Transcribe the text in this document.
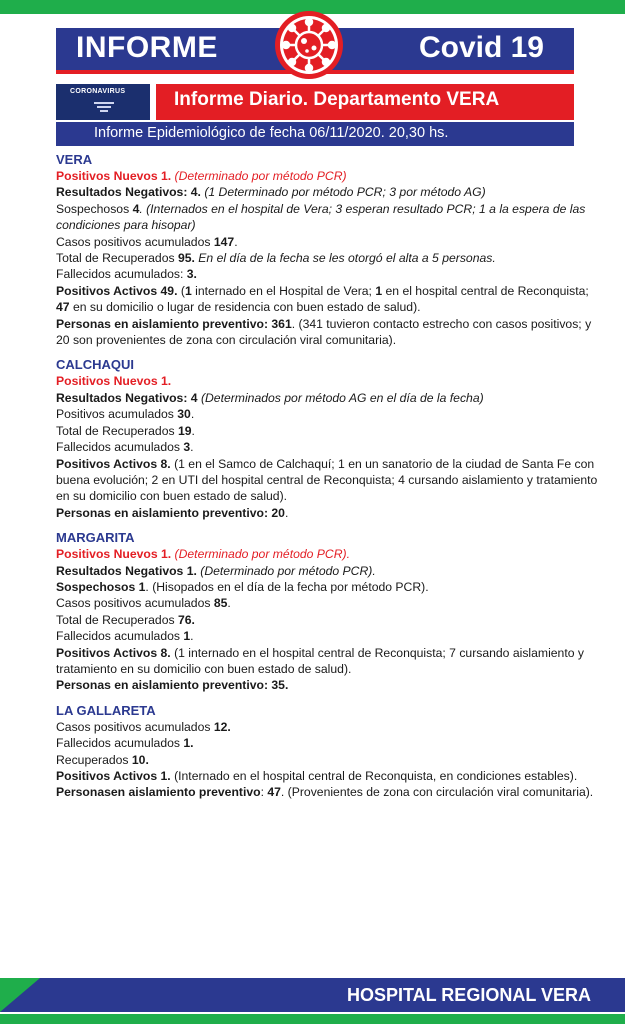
INFORME	Covid 19
CORONAVIRUS	Informe Diario. Departamento VERA
Informe Epidemiológico de fecha 06/11/2020. 20,30 hs.
VERA

Positivos Nuevos 1. (Determinado por método PCR)

Resultados Negativos: 4. (1 Determinado por método PCR; 3 por método AG)

Sospechosos 4. (Internados en el hospital de Vera; 3 esperan resultado PCR; 1 a la espera de las condiciones para hisopar)

Casos positivos acumulados 147.

Total de Recuperados 95. En el día de la fecha se les otorgó el alta a 5 personas.

Fallecidos acumulados: 3.

Positivos Activos 49. (1 internado en el Hospital de Vera; 1 en el hospital central de Reconquista; 47 en su domicilio o lugar de residencia con buen estado de salud).

Personas en aislamiento preventivo: 361. (341 tuvieron contacto estrecho con casos positivos; y 20 son provenientes de zona con circulación viral comunitaria).

CALCHAQUI

Positivos Nuevos 1.

Resultados Negativos: 4 (Determinados por método AG en el día de la fecha)

Positivos acumulados 30.

Total de Recuperados 19.

Fallecidos acumulados 3.

Positivos Activos 8. (1 en el Samco de Calchaquí; 1 en un sanatorio de la ciudad de Santa Fe con buena evolución; 2 en UTI del hospital central de Reconquista; 4 cursando aislamiento y tratamiento en su domicilio con buen estado de salud).

Personas en aislamiento preventivo: 20.

MARGARITA

Positivos Nuevos 1. (Determinado por método PCR).

Resultados Negativos 1. (Determinado por método PCR).

Sospechosos 1. (Hisopados en el día de la fecha por método PCR).

Casos positivos acumulados 85.

Total de Recuperados 76.

Fallecidos acumulados 1.

Positivos Activos 8. (1 internado en el hospital central de Reconquista; 7 cursando aislamiento y tratamiento en su domicilio con buen estado de salud).

Personas en aislamiento preventivo: 35.

LA GALLARETA

Casos positivos acumulados 12.

Fallecidos acumulados 1.

Recuperados 10.

Positivos Activos 1. (Internado en el hospital central de Reconquista, en condiciones estables).

Personasen aislamiento preventivo: 47. (Provenientes de zona con circulación viral comunitaria).

HOSPITAL REGIONAL VERA
